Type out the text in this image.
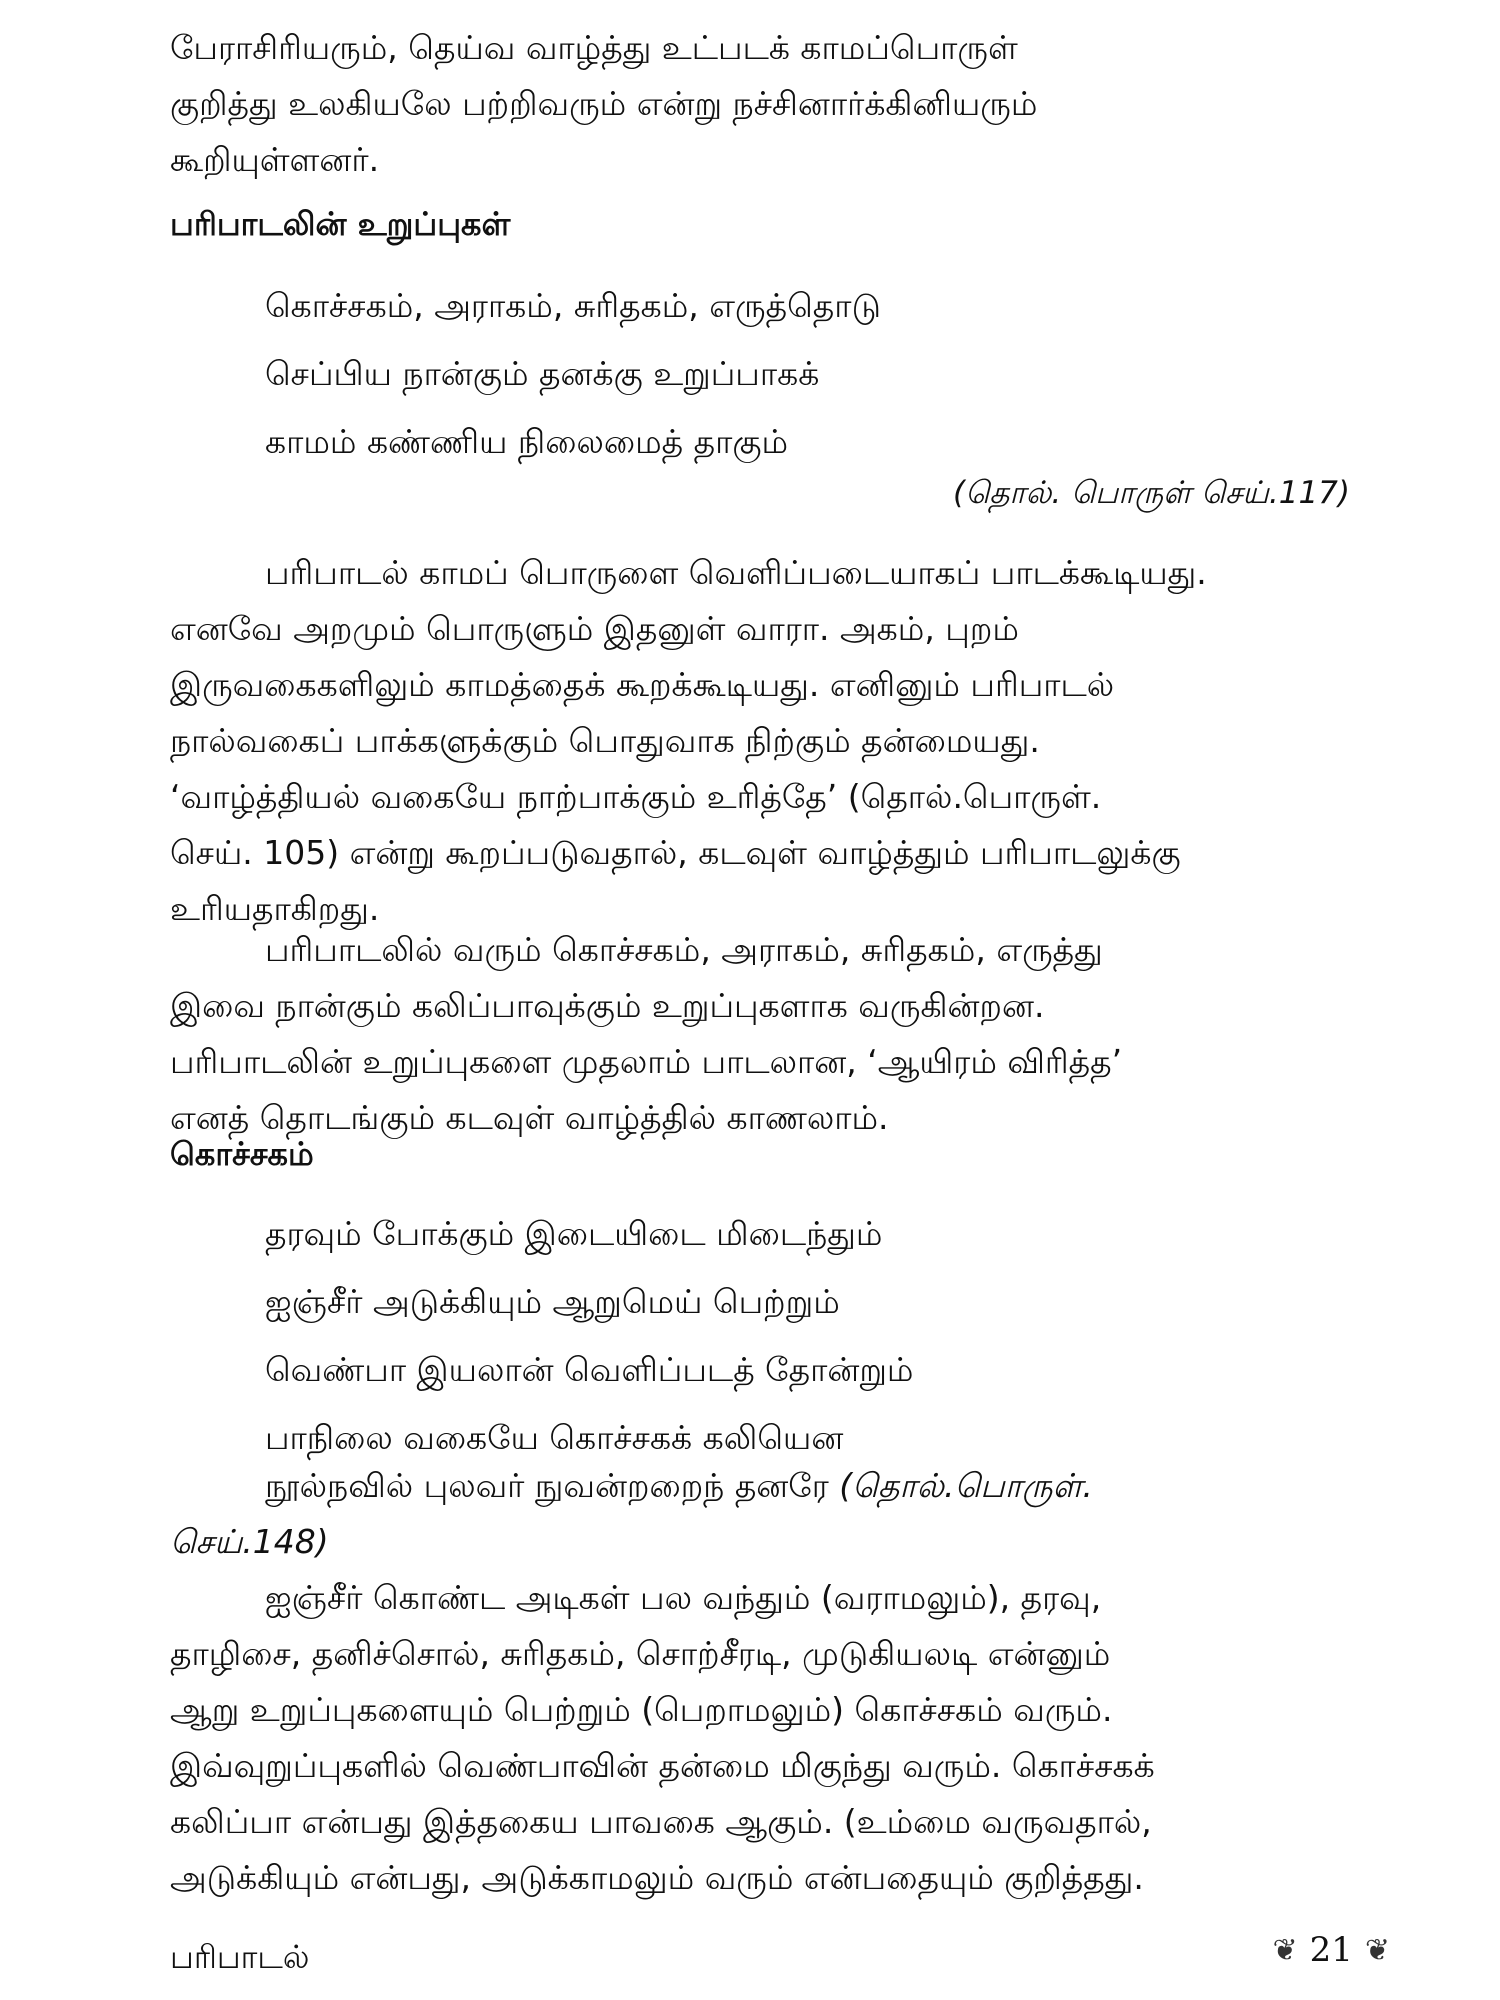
பேராசிரியரும், தெய்வ வாழ்த்து உட்படக் காமப்பொருள்
குறித்து உலகியலே பற்றிவரும் என்று நச்சினார்க்கினியரும்
கூறியுள்ளனர்.
பரிபாடலின் உறுப்புகள்
கொச்சகம், அராகம், சுரிதகம், எருத்தொடு
செப்பிய நான்கும் தனக்கு உறுப்பாகக்
காமம் கண்ணிய நிலைமைத் தாகும்
(தொல். பொருள் செய்.117)
பரிபாடல் காமப் பொருளை வெளிப்படையாகப் பாடக்கூடியது.
எனவே அறமும் பொருளும் இதனுள் வாரா. அகம், புறம்
இருவகைகளிலும் காமத்தைக் கூறக்கூடியது. எனினும் பரிபாடல்
நால்வகைப் பாக்களுக்கும் பொதுவாக நிற்கும் தன்மையது.
‘வாழ்த்தியல் வகையே நாற்பாக்கும் உரித்தே’ (தொல்.பொருள்.
செய். 105) என்று கூறப்படுவதால், கடவுள் வாழ்த்தும் பரிபாடலுக்கு
உரியதாகிறது.
பரிபாடலில் வரும் கொச்சகம், அராகம், சுரிதகம், எருத்து
இவை நான்கும் கலிப்பாவுக்கும் உறுப்புகளாக வருகின்றன.
பரிபாடலின் உறுப்புகளை முதலாம் பாடலான, ‘ஆயிரம் விரித்த’
எனத் தொடங்கும் கடவுள் வாழ்த்தில் காணலாம்.
கொச்சகம்
தரவும் போக்கும் இடையிடை மிடைந்தும்
ஐஞ்சீர் அடுக்கியும் ஆறுமெய் பெற்றும்
வெண்பா இயலான் வெளிப்படத் தோன்றும்
பாநிலை வகையே கொச்சகக் கலியென
நூல்நவில் புலவர் நுவன்றறைந் தனரே (தொல்.பொருள்.
செய்.148)
ஐஞ்சீர் கொண்ட அடிகள் பல வந்தும் (வராமலும்), தரவு,
தாழிசை, தனிச்சொல், சுரிதகம், சொற்சீரடி, முடுகியலடி என்னும்
ஆறு உறுப்புகளையும் பெற்றும் (பெறாமலும்) கொச்சகம் வரும்.
இவ்வுறுப்புகளில் வெண்பாவின் தன்மை மிகுந்து வரும். கொச்சகக்
கலிப்பா என்பது இத்தகைய பாவகை ஆகும். (உம்மை வருவதால்,
அடுக்கியும் என்பது, அடுக்காமலும் வரும் என்பதையும் குறித்தது.
பரிபாடல்	❦ 21 ❦
